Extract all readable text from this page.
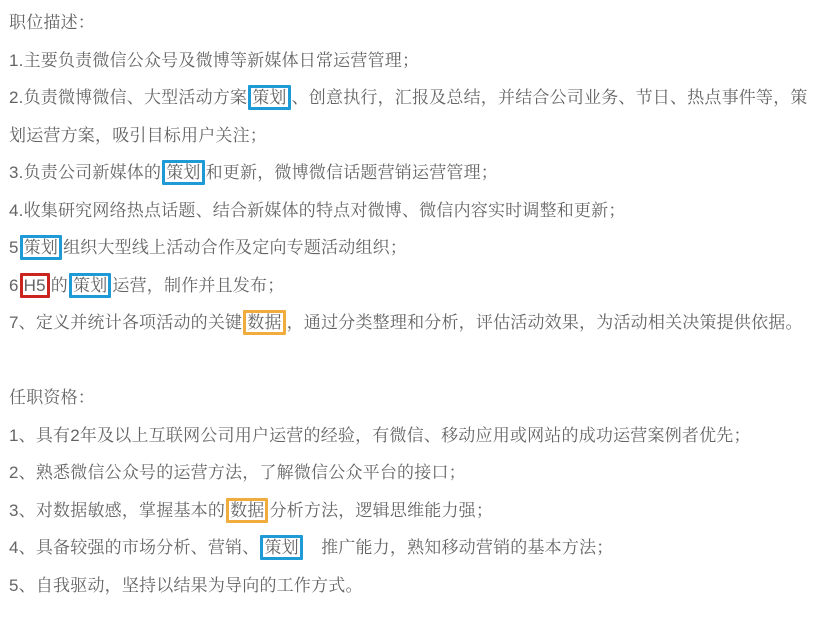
职位描述：

1.主要负责微信公众号及微博等新媒体日常运营管理；

2.负责微博微信、大型活动方案 策划 、创意执行，汇报及总结，并结合公司业务、节日、热点事件等，策划运营方案，吸引目标用户关注；

3.负责公司新媒体的 策划 和更新，微博微信话题营销运营管理；

4.收集研究网络热点话题、结合新媒体的特点对微博、微信内容实时调整和更新；

5 策划 组织大型线上活动合作及定向专题活动组织；

6 H5 的 策划 运营，制作并且发布；

7、定义并统计各项活动的关键 数据 ，通过分类整理和分析，评估活动效果，为活动相关决策提供依据。

任职资格：

1、具有2年及以上互联网公司用户运营的经验，有微信、移动应用或网站的成功运营案例者优先；

2、熟悉微信公众号的运营方法，了解微信公众平台的接口；

3、对数据敏感，掌握基本的 数据 分析方法，逻辑思维能力强；

4、具备较强的市场分析、营销、 策划　推广能力，熟知移动营销的基本方法；

5、自我驱动，坚持以结果为导向的工作方式。
